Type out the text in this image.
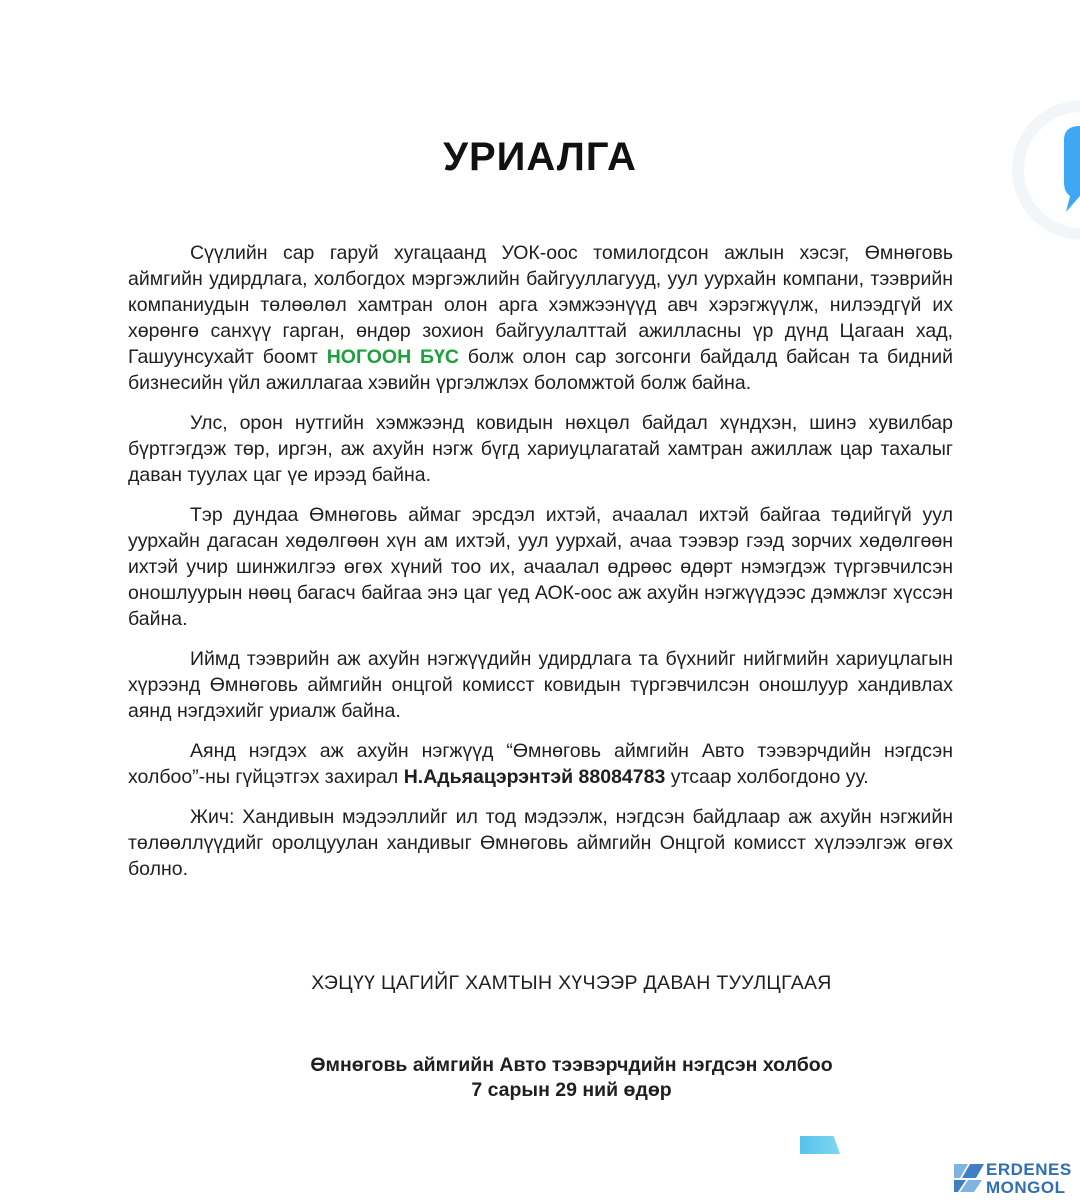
УРИАЛГА

Сүүлийн сар гаруй хугацаанд УОК-оос томилогдсон ажлын хэсэг, Өмнөговь аймгийн удирдлага, холбогдох мэргэжлийн байгууллагууд, уул уурхайн компани, тээврийн компаниудын төлөөлөл хамтран олон арга хэмжээнүүд авч хэрэгжүүлж, нилээдгүй их хөрөнгө санхүү гарган, өндөр зохион байгуулалттай ажилласны үр дүнд Цагаан хад, Гашуунсухайт боомт НОГООН БҮС болж олон сар зогсонги байдалд байсан та бидний бизнесийн үйл ажиллагаа хэвийн үргэлжлэх боломжтой болж байна.

Улс, орон нутгийн хэмжээнд ковидын нөхцөл байдал хүндхэн, шинэ хувилбар бүртгэгдэж төр, иргэн, аж ахуйн нэгж бүгд хариуцлагатай хамтран ажиллаж цар тахалыг даван туулах цаг үе ирээд байна.

Тэр дундаа Өмнөговь аймаг эрсдэл ихтэй, ачаалал ихтэй байгаа төдийгүй уул уурхайн дагасан хөдөлгөөн хүн ам ихтэй, уул уурхай, ачаа тээвэр гээд зорчих хөдөлгөөн ихтэй учир шинжилгээ өгөх хүний тоо их, ачаалал өдрөөс өдөрт нэмэгдэж түргэвчилсэн оношлуурын нөөц багасч байгаа энэ цаг үед АОК-оос аж ахуйн нэгжүүдээс дэмжлэг хүссэн байна.

Иймд тээврийн аж ахуйн нэгжүүдийн удирдлага та бүхнийг нийгмийн хариуцлагын хүрээнд Өмнөговь аймгийн онцгой комисст ковидын түргэвчилсэн оношлуур хандивлах аянд нэгдэхийг уриалж байна.

Аянд нэгдэх аж ахуйн нэгжүүд “Өмнөговь аймгийн Авто тээвэрчдийн нэгдсэн холбоо”-ны гүйцэтгэх захирал Н.Адьяацэрэнтэй 88084783 утсаар холбогдоно уу.

Жич: Хандивын мэдээллийг ил тод мэдээлж, нэгдсэн байдлаар аж ахуйн нэгжийн төлөөллүүдийг оролцуулан хандивыг Өмнөговь аймгийн Онцгой комисст хүлээлгэж өгөх болно.

ХЭЦҮҮ ЦАГИЙГ ХАМТЫН ХҮЧЭЭР ДАВАН ТУУЛЦГААЯ
Өмнөговь аймгийн Авто тээвэрчдийн нэгдсэн холбоо
7 сарын 29 ний өдөр
ERDENES
MONGOL
